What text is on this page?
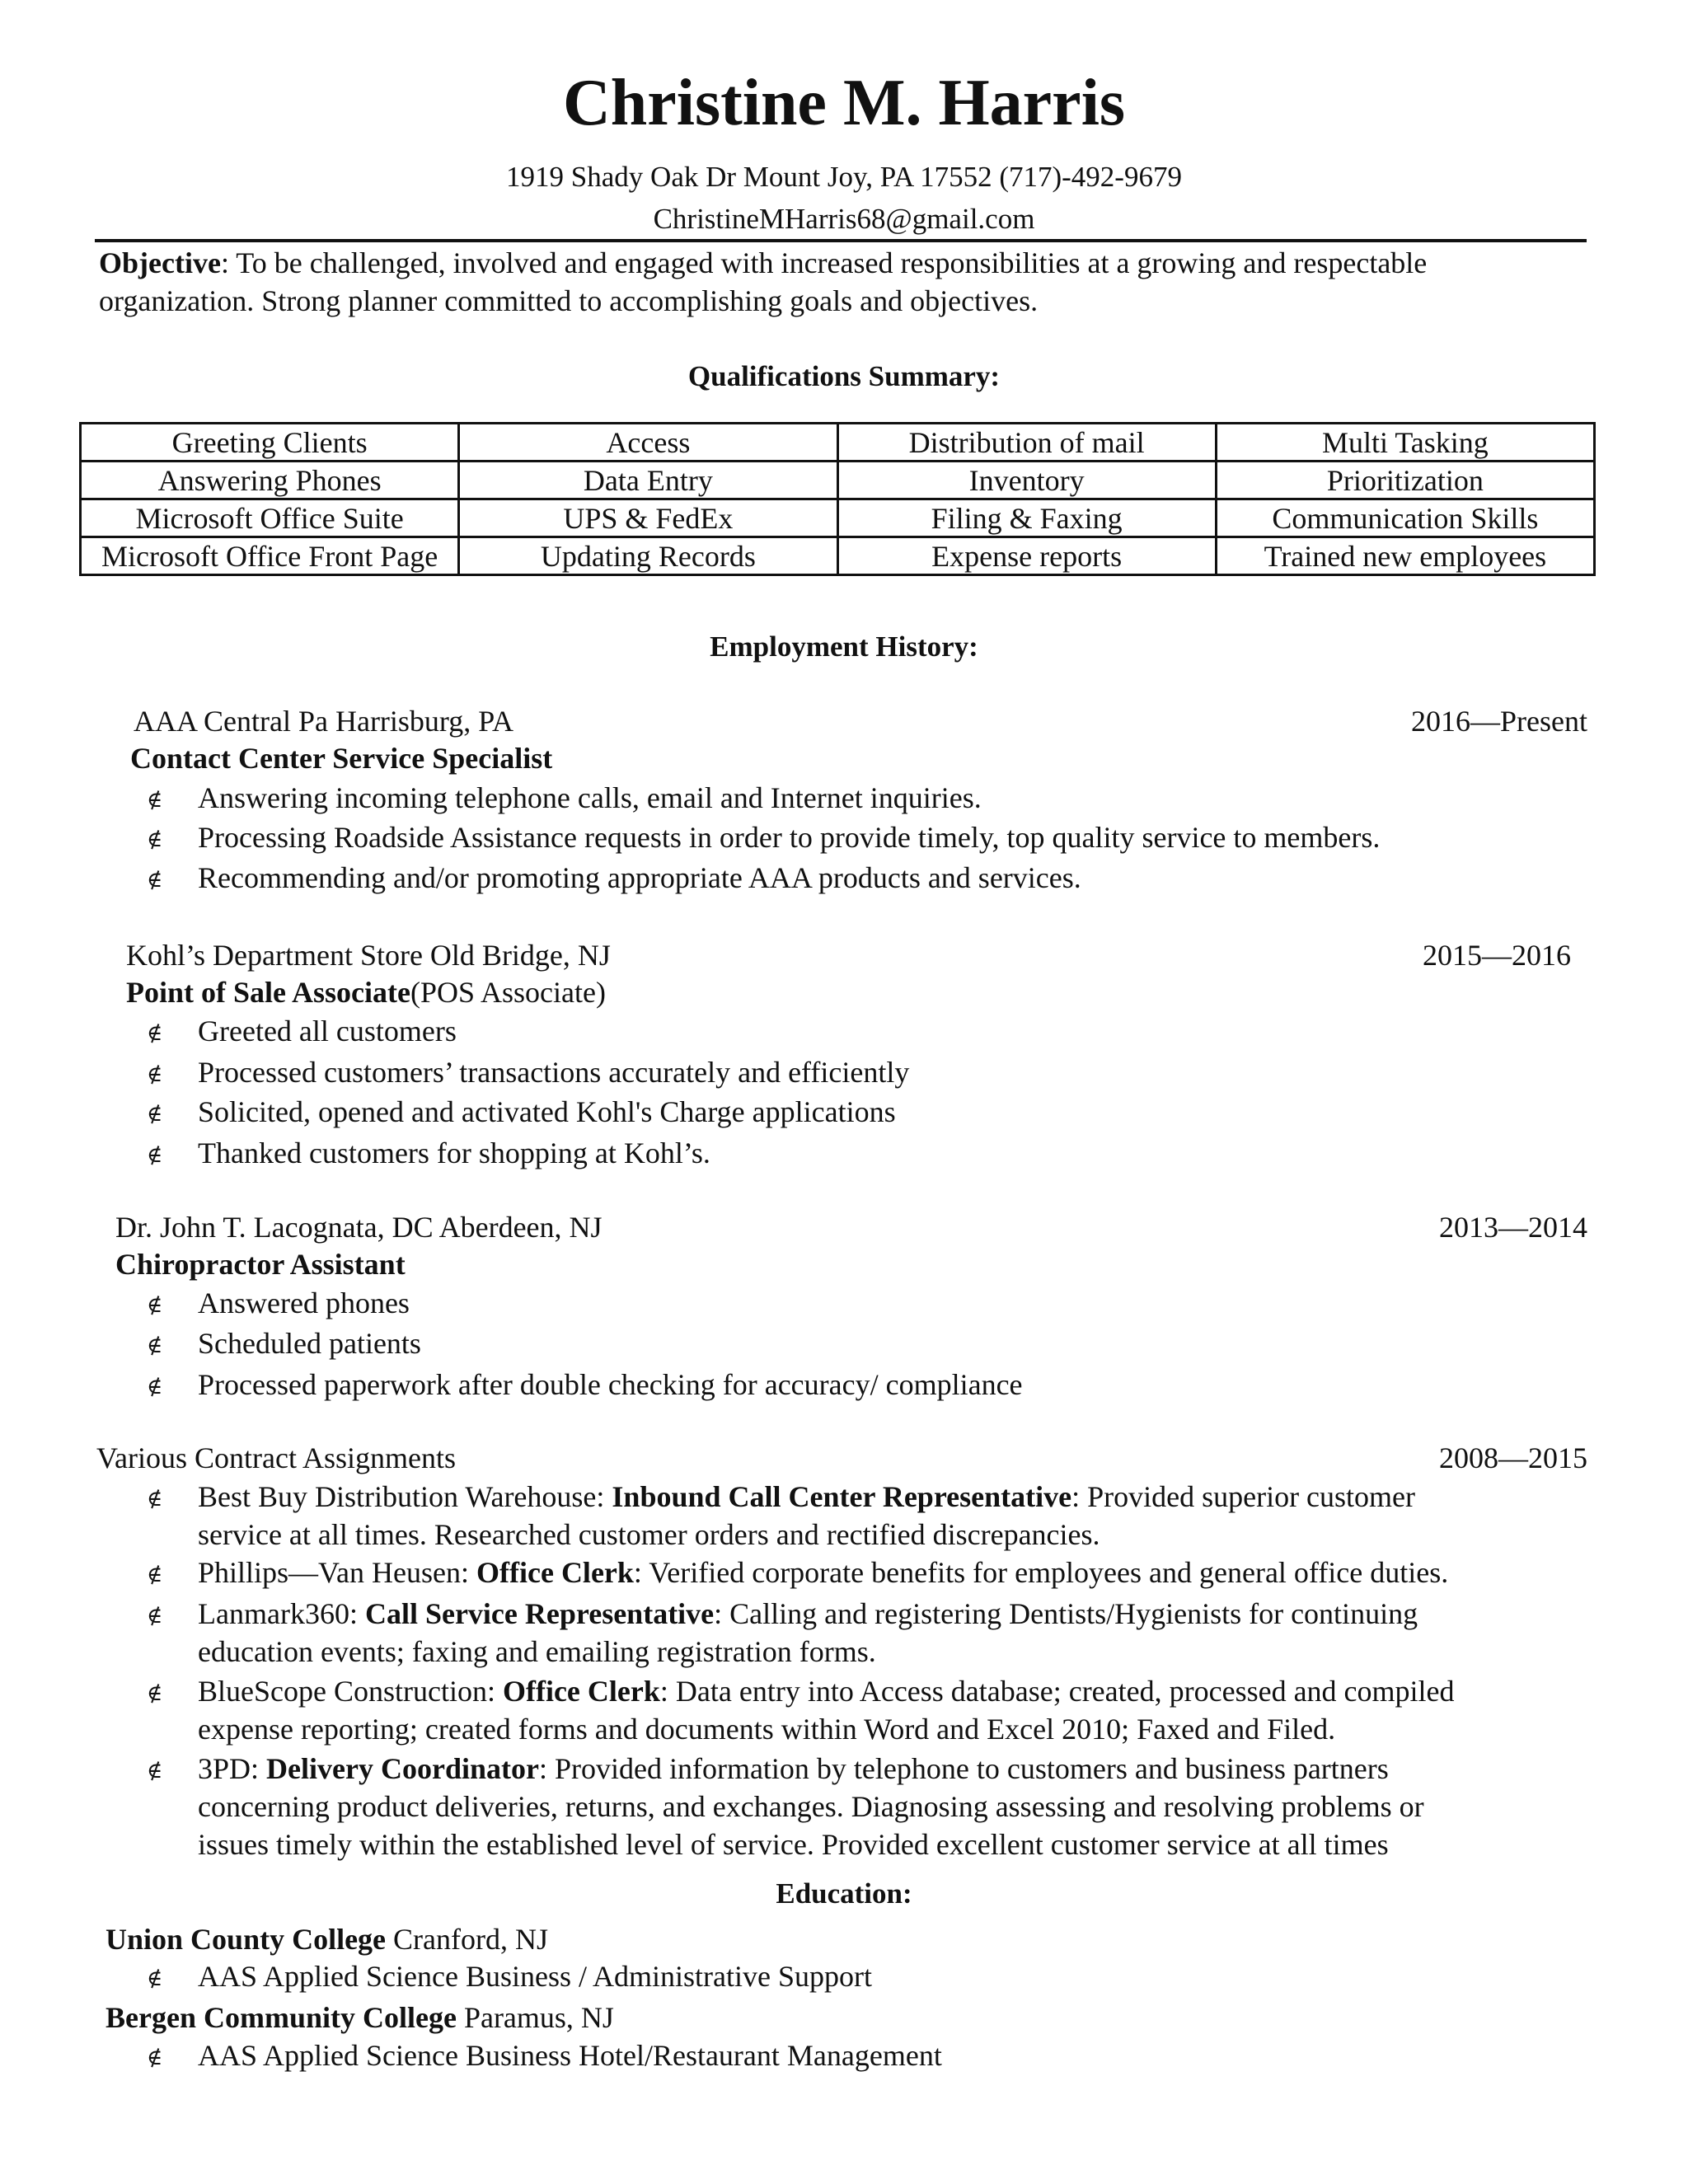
Christine M. Harris
1919 Shady Oak Dr Mount Joy, PA 17552 (717)-492-9679
ChristineMHarris68@gmail.com
Objective: To be challenged, involved and engaged with increased responsibilities at a growing and respectable
organization. Strong planner committed to accomplishing goals and objectives.
Qualifications Summary:
Greeting Clients	Access	Distribution of mail	Multi Tasking
Answering Phones	Data Entry	Inventory	Prioritization
Microsoft Office Suite	UPS & FedEx	Filing & Faxing	Communication Skills
Microsoft Office Front Page	Updating Records	Expense reports	Trained new employees
Employment History:
AAA Central Pa Harrisburg, PA	2016—Present
Contact Center Service Specialist
∉ Answering incoming telephone calls, email and Internet inquiries.
∉ Processing Roadside Assistance requests in order to provide timely, top quality service to members.
∉ Recommending and/or promoting appropriate AAA products and services.
Kohl’s Department Store Old Bridge, NJ	2015—2016
Point of Sale Associate(POS Associate)
∉ Greeted all customers
∉ Processed customers’ transactions accurately and efficiently
∉ Solicited, opened and activated Kohl's Charge applications
∉ Thanked customers for shopping at Kohl’s.
Dr. John T. Lacognata, DC Aberdeen, NJ	2013—2014
Chiropractor Assistant
∉ Answered phones
∉ Scheduled patients
∉ Processed paperwork after double checking for accuracy/ compliance
Various Contract Assignments	2008—2015
∉ Best Buy Distribution Warehouse: Inbound Call Center Representative: Provided superior customer
service at all times. Researched customer orders and rectified discrepancies.
∉ Phillips—Van Heusen: Office Clerk: Verified corporate benefits for employees and general office duties.
∉ Lanmark360: Call Service Representative: Calling and registering Dentists/Hygienists for continuing
education events; faxing and emailing registration forms.
∉ BlueScope Construction: Office Clerk: Data entry into Access database; created, processed and compiled
expense reporting; created forms and documents within Word and Excel 2010; Faxed and Filed.
∉ 3PD: Delivery Coordinator: Provided information by telephone to customers and business partners
concerning product deliveries, returns, and exchanges. Diagnosing assessing and resolving problems or
issues timely within the established level of service. Provided excellent customer service at all times
Education:
Union County College Cranford, NJ
∉ AAS Applied Science Business / Administrative Support
Bergen Community College Paramus, NJ
∉ AAS Applied Science Business Hotel/Restaurant Management
